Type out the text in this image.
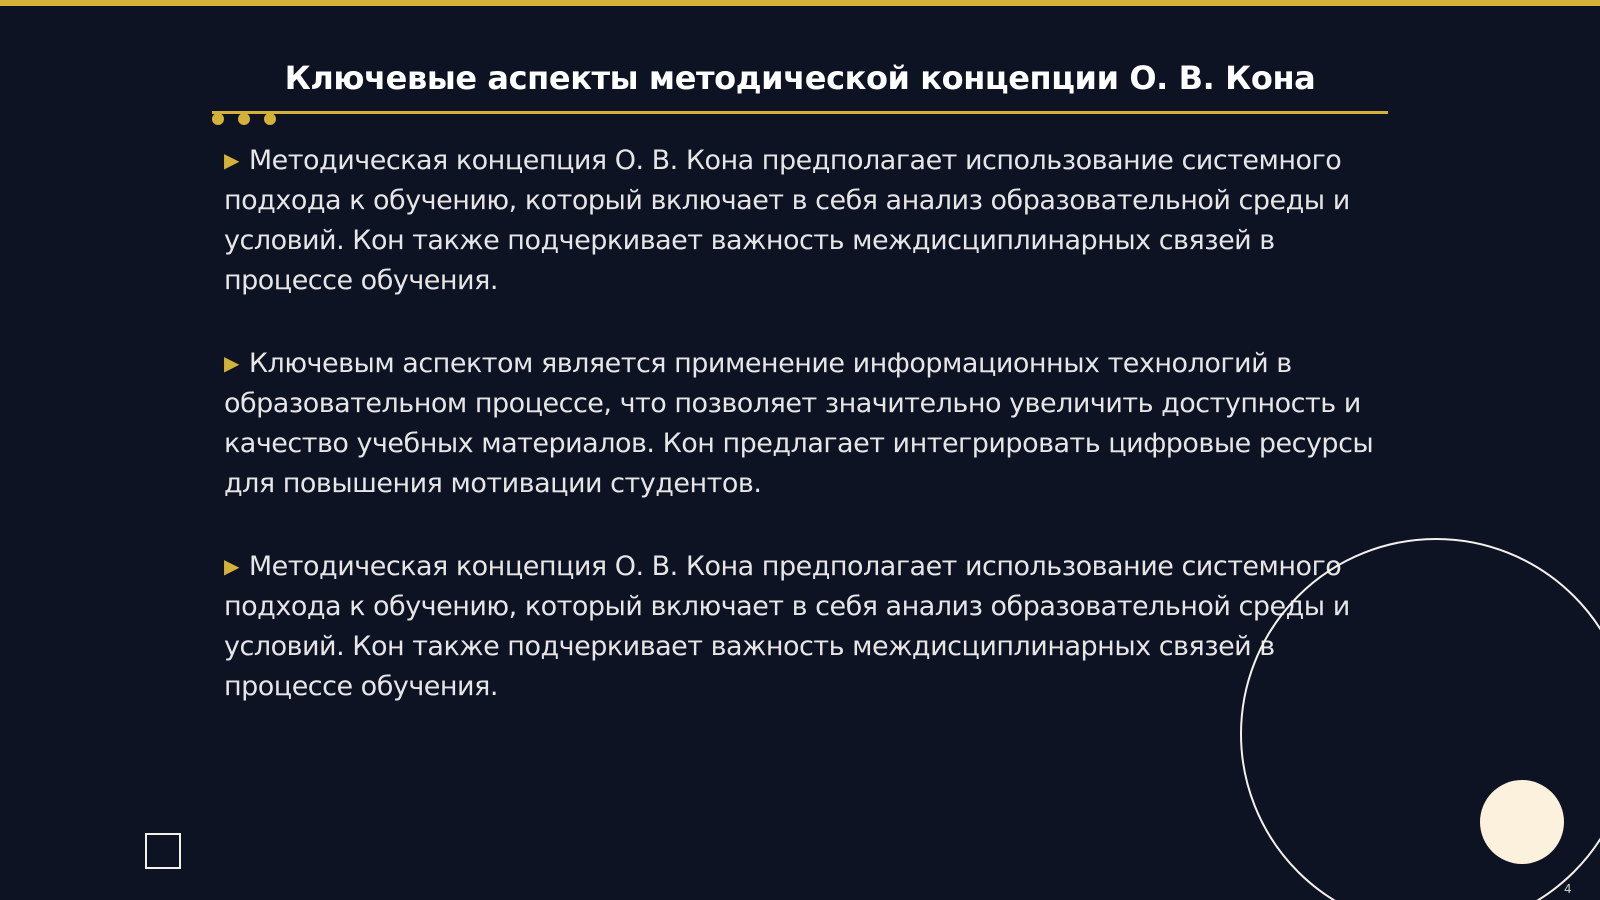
Ключевые аспекты методической концепции О. В. Кона

▶ Методическая концепция О. В. Кона предполагает использование системного подхода к обучению, который включает в себя анализ образовательной среды и условий. Кон также подчеркивает важность междисциплинарных связей в процессе обучения.

▶ Ключевым аспектом является применение информационных технологий в образовательном процессе, что позволяет значительно увеличить доступность и качество учебных материалов. Кон предлагает интегрировать цифровые ресурсы для повышения мотивации студентов.

▶ Методическая концепция О. В. Кона предполагает использование системного подхода к обучению, который включает в себя анализ образовательной среды и условий. Кон также подчеркивает важность междисциплинарных связей в процессе обучения.

4
